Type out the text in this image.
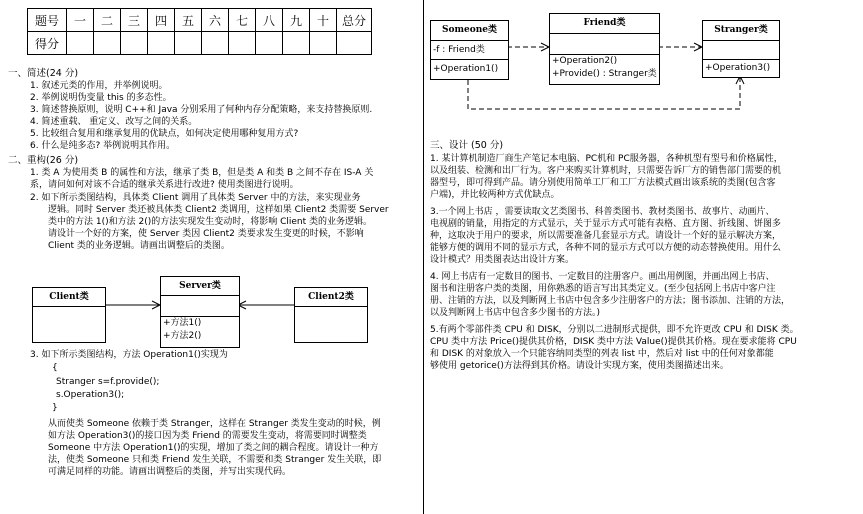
题号	一	二	三	四	五	六	七	八	九	十	总分
得分											
一、简述(24 分)
1. 叙述元类的作用，并举例说明。
2. 举例说明伪变量 this 的多态性。
3. 简述替换原则，说明 C++和 Java 分别采用了何种内存分配策略，来支持替换原则.
4. 简述重载、 重定义、改写之间的关系。
5. 比较组合复用和继承复用的优缺点，如何决定使用哪种复用方式?
6. 什么是纯多态? 举例说明其作用。
二、重构(26 分)
1. 类 A 为使用类 B 的属性和方法，继承了类 B，但是类 A 和类 B 之间不存在 IS-A 关
系，请问如何对该不合适的继承关系进行改进? 使用类图进行说明。
2. 如下所示类图结构，具体类 Client 调用了具体类 Server 中的方法，来实现业务
逻辑。同时 Server 类还被具体类 Client2 类调用，这样如果 Client2 类需要 Server
类中的方法 1()和方法 2()的方法实现发生变动时，将影响 Client 类的业务逻辑。
请设计一个好的方案，使 Server 类因 Client2 类要求发生变更的时候，不影响
Client 类的业务逻辑。请画出调整后的类图。
Client类
Server类
+方法1()
+方法2()
Client2类
3. 如下所示类图结构，方法 Operation1()实现为
{
Stranger s=f.provide();
s.Operation3();
}
从而使类 Someone 依赖于类 Stranger，这样在 Stranger 类发生变动的时候，例
如方法 Operation3()的接口因为类 Friend 的需要发生变动，将需要同时调整类
Someone 中方法 Operation1()的实现，增加了类之间的耦合程度。请设计一种方
法，使类 Someone 只和类 Friend 发生关联，不需要和类 Stranger 发生关联，即
可满足同样的功能。请画出调整后的类图，并写出实现代码。
Someone类
-f : Friend类
+Operation1()
Friend类
+Operation2()
+Provide() : Stranger类
Stranger类
+Operation3()
三、设计 (50 分)
1. 某计算机制造厂商生产笔记本电脑、PC机和 PC服务器，各种机型有型号和价格属性，
以及组装、检测和出厂行为。客户来购买计算机时，只需要告诉厂方的销售部门需要的机
器型号，即可得到产品。请分别使用简单工厂和工厂方法模式画出该系统的类图(包含客
户端)，并比较两种方式优缺点。
3.一个网上书店 ，需要读取文艺类图书、科普类图书、教材类图书、故事片、动画片、
电视剧的销量，用指定的方式显示，关于显示方式可能有表格、直方图、折线图、饼图多
种，这取决于用户的要求，所以需要准备几套显示方式。请设计一个好的显示解决方案，
能够方便的调用不同的显示方式，各种不同的显示方式可以方便的动态替换使用。用什么
设计模式？用类图表达出设计方案。
4. 网上书店有一定数目的图书、一定数目的注册客户。画出用例图，并画出网上书店、
图书和注册客户类的类图，用你熟悉的语言写出其类定义。(至少包括网上书店中客户注
册、注销的方法，以及判断网上书店中包含多少注册客户的方法；图书添加、注销的方法，
以及判断网上书店中包含多少图书的方法。)
5.有两个零部件类 CPU 和 DISK，分别以二进制形式提供，即不允许更改 CPU 和 DISK 类。
CPU 类中方法 Price()提供其价格，DISK 类中方法 Value()提供其价格。现在要求能将 CPU
和 DISK 的对象放入一个只能容纳同类型的列表 list 中，然后对 list 中的任何对象都能
够使用 getorice()方法得到其价格。请设计实现方案，使用类图描述出来。
